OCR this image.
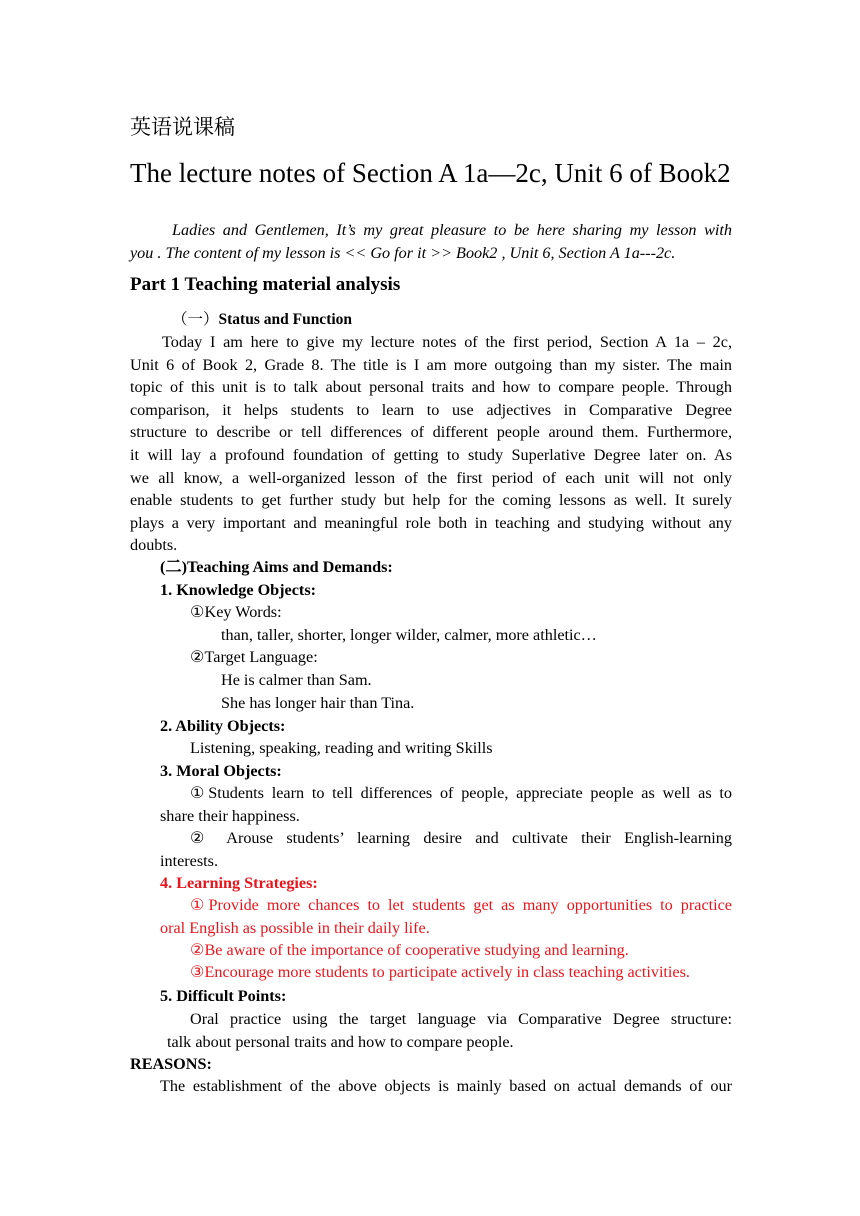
英语说课稿
The lecture notes of Section A 1a—2c, Unit 6 of Book2

Ladies and Gentlemen, It’s my great pleasure to be here sharing my lesson with

you . The content of my lesson is << Go for it >> Book2 , Unit 6, Section A 1a---2c.

Part 1 Teaching material analysis
（一）Status and Function

Today I am here to give my lecture notes of the first period, Section A 1a – 2c,

Unit 6 of Book 2, Grade 8. The title is I am more outgoing than my sister. The main
topic of this unit is to talk about personal traits and how to compare people. Through
comparison, it helps students to learn to use adjectives in Comparative Degree
structure to describe or tell differences of different people around them. Furthermore,
it will lay a profound foundation of getting to study Superlative Degree later on. As
we all know, a well-organized lesson of the first period of each unit will not only
enable students to get further study but help for the coming lessons as well. It surely
plays a very important and meaningful role both in teaching and studying without any
doubts.
(二)Teaching Aims and Demands:
1. Knowledge Objects:
①Key Words:
than, taller, shorter, longer wilder, calmer, more athletic…
②Target Language:
He is calmer than Sam.
She has longer hair than Tina.
2. Ability Objects:
Listening, speaking, reading and writing Skills
3. Moral Objects:
①Students learn to tell differences of people, appreciate people as well as to
share their happiness.
② Arouse students’ learning desire and cultivate their English-learning
interests.
4. Learning Strategies:
①Provide more chances to let students get as many opportunities to practice
oral English as possible in their daily life.
②Be aware of the importance of cooperative studying and learning.
③Encourage more students to participate actively in class teaching activities.
5. Difficult Points:
Oral practice using the target language via Comparative Degree structure:
talk about personal traits and how to compare people.
REASONS:
The establishment of the above objects is mainly based on actual demands of our
